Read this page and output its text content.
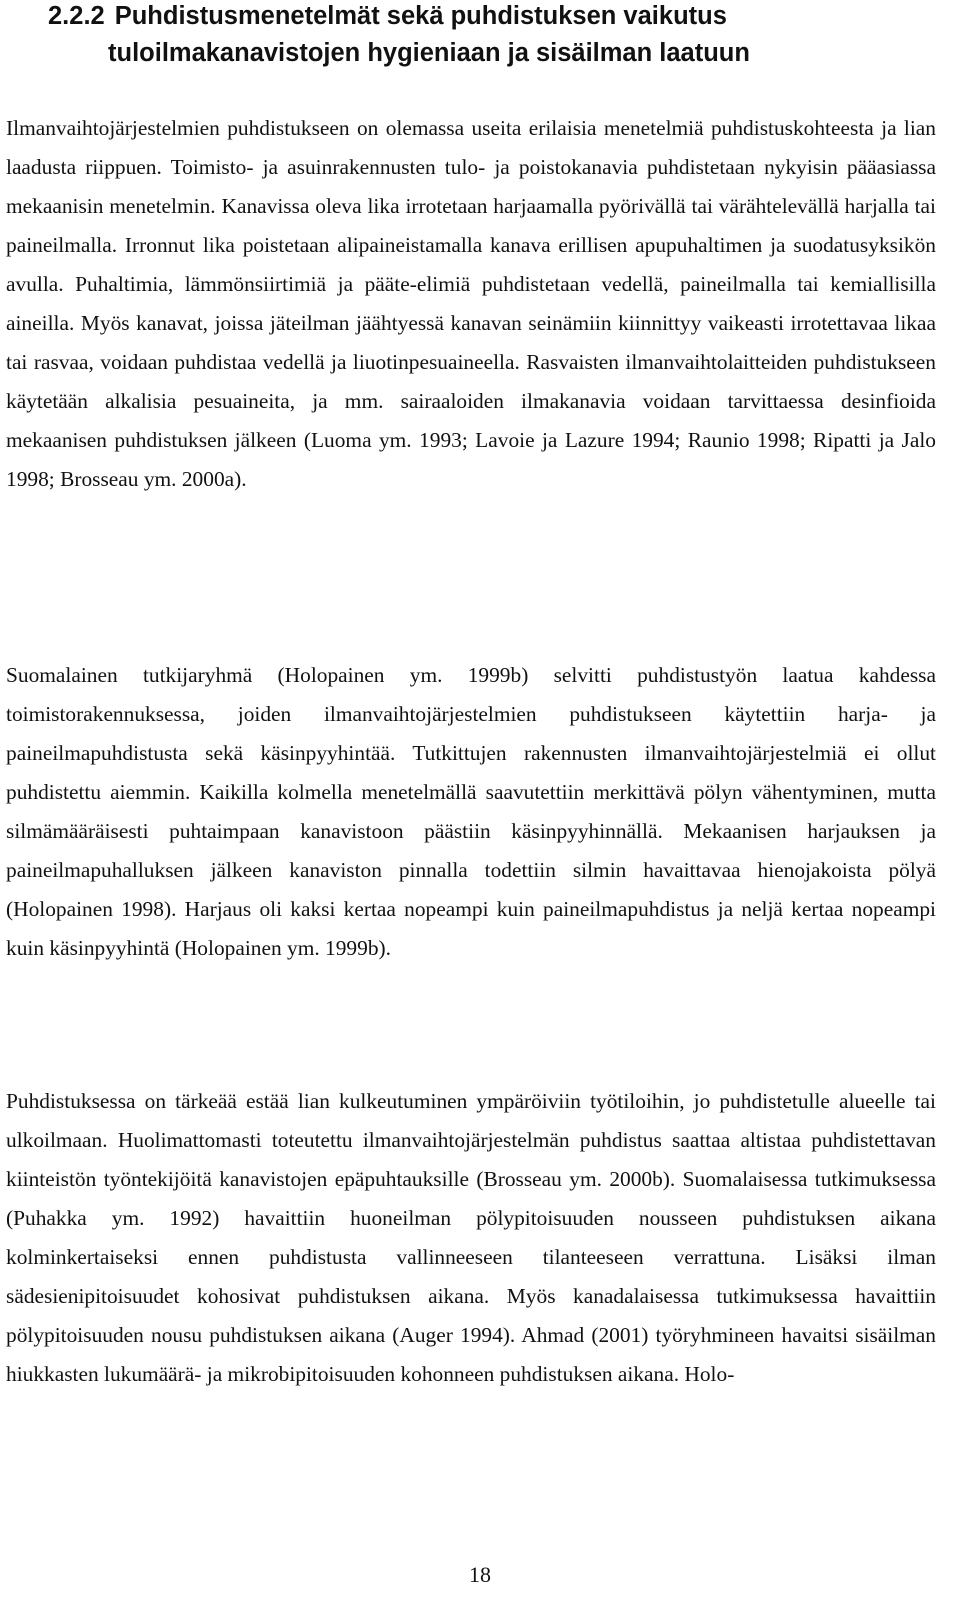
2.2.2 Puhdistusmenetelmät sekä puhdistuksen vaikutus
tuloilmakanavistojen hygieniaan ja sisäilman laatuun

Ilmanvaihtojärjestelmien puhdistukseen on olemassa useita erilaisia menetelmiä puhdistuskohteesta ja lian laadusta riippuen. Toimisto- ja asuinrakennusten tulo- ja poistokanavia puhdistetaan nykyisin pääasiassa mekaanisin menetelmin. Kanavissa oleva lika irrotetaan harjaamalla pyörivällä tai värähtelevällä harjalla tai paineilmalla. Irronnut lika poistetaan alipaineistamalla kanava erillisen apupuhaltimen ja suodatusyksikön avulla. Puhaltimia, lämmönsiirtimiä ja pääte-elimiä puhdistetaan vedellä, paineilmalla tai kemiallisilla aineilla. Myös kanavat, joissa jäteilman jäähtyessä kanavan seinämiin kiinnittyy vaikeasti irrotettavaa likaa tai rasvaa, voidaan puhdistaa vedellä ja liuotinpesuaineella. Rasvaisten ilmanvaihtolaitteiden puhdistukseen käytetään alkalisia pesuaineita, ja mm. sairaaloiden ilmakanavia voidaan tarvittaessa desinfioida mekaanisen puhdistuksen jälkeen (Luoma ym. 1993; Lavoie ja Lazure 1994; Raunio 1998; Ripatti ja Jalo 1998; Brosseau ym. 2000a).

Suomalainen tutkijaryhmä (Holopainen ym. 1999b) selvitti puhdistustyön laatua kahdessa toimistorakennuksessa, joiden ilmanvaihtojärjestelmien puhdistukseen käytettiin harja- ja paineilmapuhdistusta sekä käsinpyyhintää. Tutkittujen rakennusten ilmanvaihtojärjestelmiä ei ollut puhdistettu aiemmin. Kaikilla kolmella menetelmällä saavutettiin merkittävä pölyn vähentyminen, mutta silmämääräisesti puhtaimpaan kanavistoon päästiin käsinpyyhinnällä. Mekaanisen harjauksen ja paineilmapuhalluksen jälkeen kanaviston pinnalla todettiin silmin havaittavaa hienojakoista pölyä (Holopainen 1998). Harjaus oli kaksi kertaa nopeampi kuin paineilmapuhdistus ja neljä kertaa nopeampi kuin käsinpyyhintä (Holopainen ym. 1999b).

Puhdistuksessa on tärkeää estää lian kulkeutuminen ympäröiviin työtiloihin, jo puhdistetulle alueelle tai ulkoilmaan. Huolimattomasti toteutettu ilmanvaihtojärjestelmän puhdistus saattaa altistaa puhdistettavan kiinteistön työntekijöitä kanavistojen epäpuhtauksille (Brosseau ym. 2000b). Suomalaisessa tutkimuksessa (Puhakka ym. 1992) havaittiin huoneilman pölypitoisuuden nousseen puhdistuksen aikana kolminkertaiseksi ennen puhdistusta vallinneeseen tilanteeseen verrattuna. Lisäksi ilman sädesienipitoisuudet kohosivat puhdistuksen aikana. Myös kanadalaisessa tutkimuksessa havaittiin pölypitoisuuden nousu puhdistuksen aikana (Auger 1994). Ahmad (2001) työryhmineen havaitsi sisäilman hiukkasten lukumäärä- ja mikrobipitoisuuden kohonneen puhdistuksen aikana. Holo-

18
